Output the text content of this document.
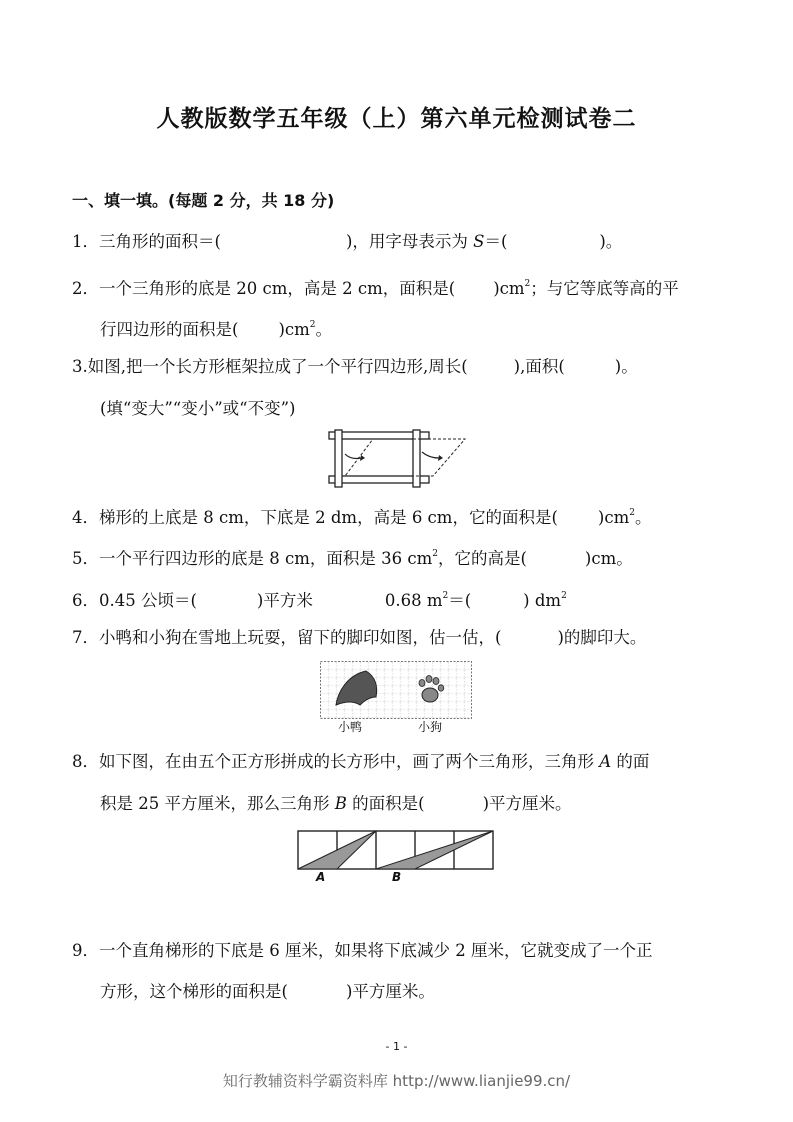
人教版数学五年级（上）第六单元检测试卷二
一、填一填。(每题 2 分，共 18 分)
1．三角形的面积＝(	)，用字母表示为 S＝(	)。
2．一个三角形的底是 20 cm，高是 2 cm，面积是( )$cm^2$；与它等底等高的平
行四边形的面积是( )$cm^2$。
3.如图,把一个长方形框架拉成了一个平行四边形,周长(	),面积(	)。
(填“变大”“变小”或“不变”)
4．梯形的上底是 8 cm，下底是 2 dm，高是 6 cm，它的面积是( )$cm^2$。
5．一个平行四边形的底是 8 cm，面积是 36 $cm^2$，它的高是(	)cm。
6．0.45 公顷＝(	)平方米	0.68 $m^2=$(	) $dm^2$
7．小鸭和小狗在雪地上玩耍，留下的脚印如图，估一估，(	)的脚印大。
小鸭	小狗
8．如下图，在由五个正方形拼成的长方形中，画了两个三角形，三角形 A 的面
积是 25 平方厘米，那么三角形 B 的面积是(	)平方厘米。
A	B
9．一个直角梯形的下底是 6 厘米，如果将下底减少 2 厘米，它就变成了一个正
方形，这个梯形的面积是(	)平方厘米。
- 1 -
知行教辅资料学霸资料库 http://www.lianjie99.cn/
